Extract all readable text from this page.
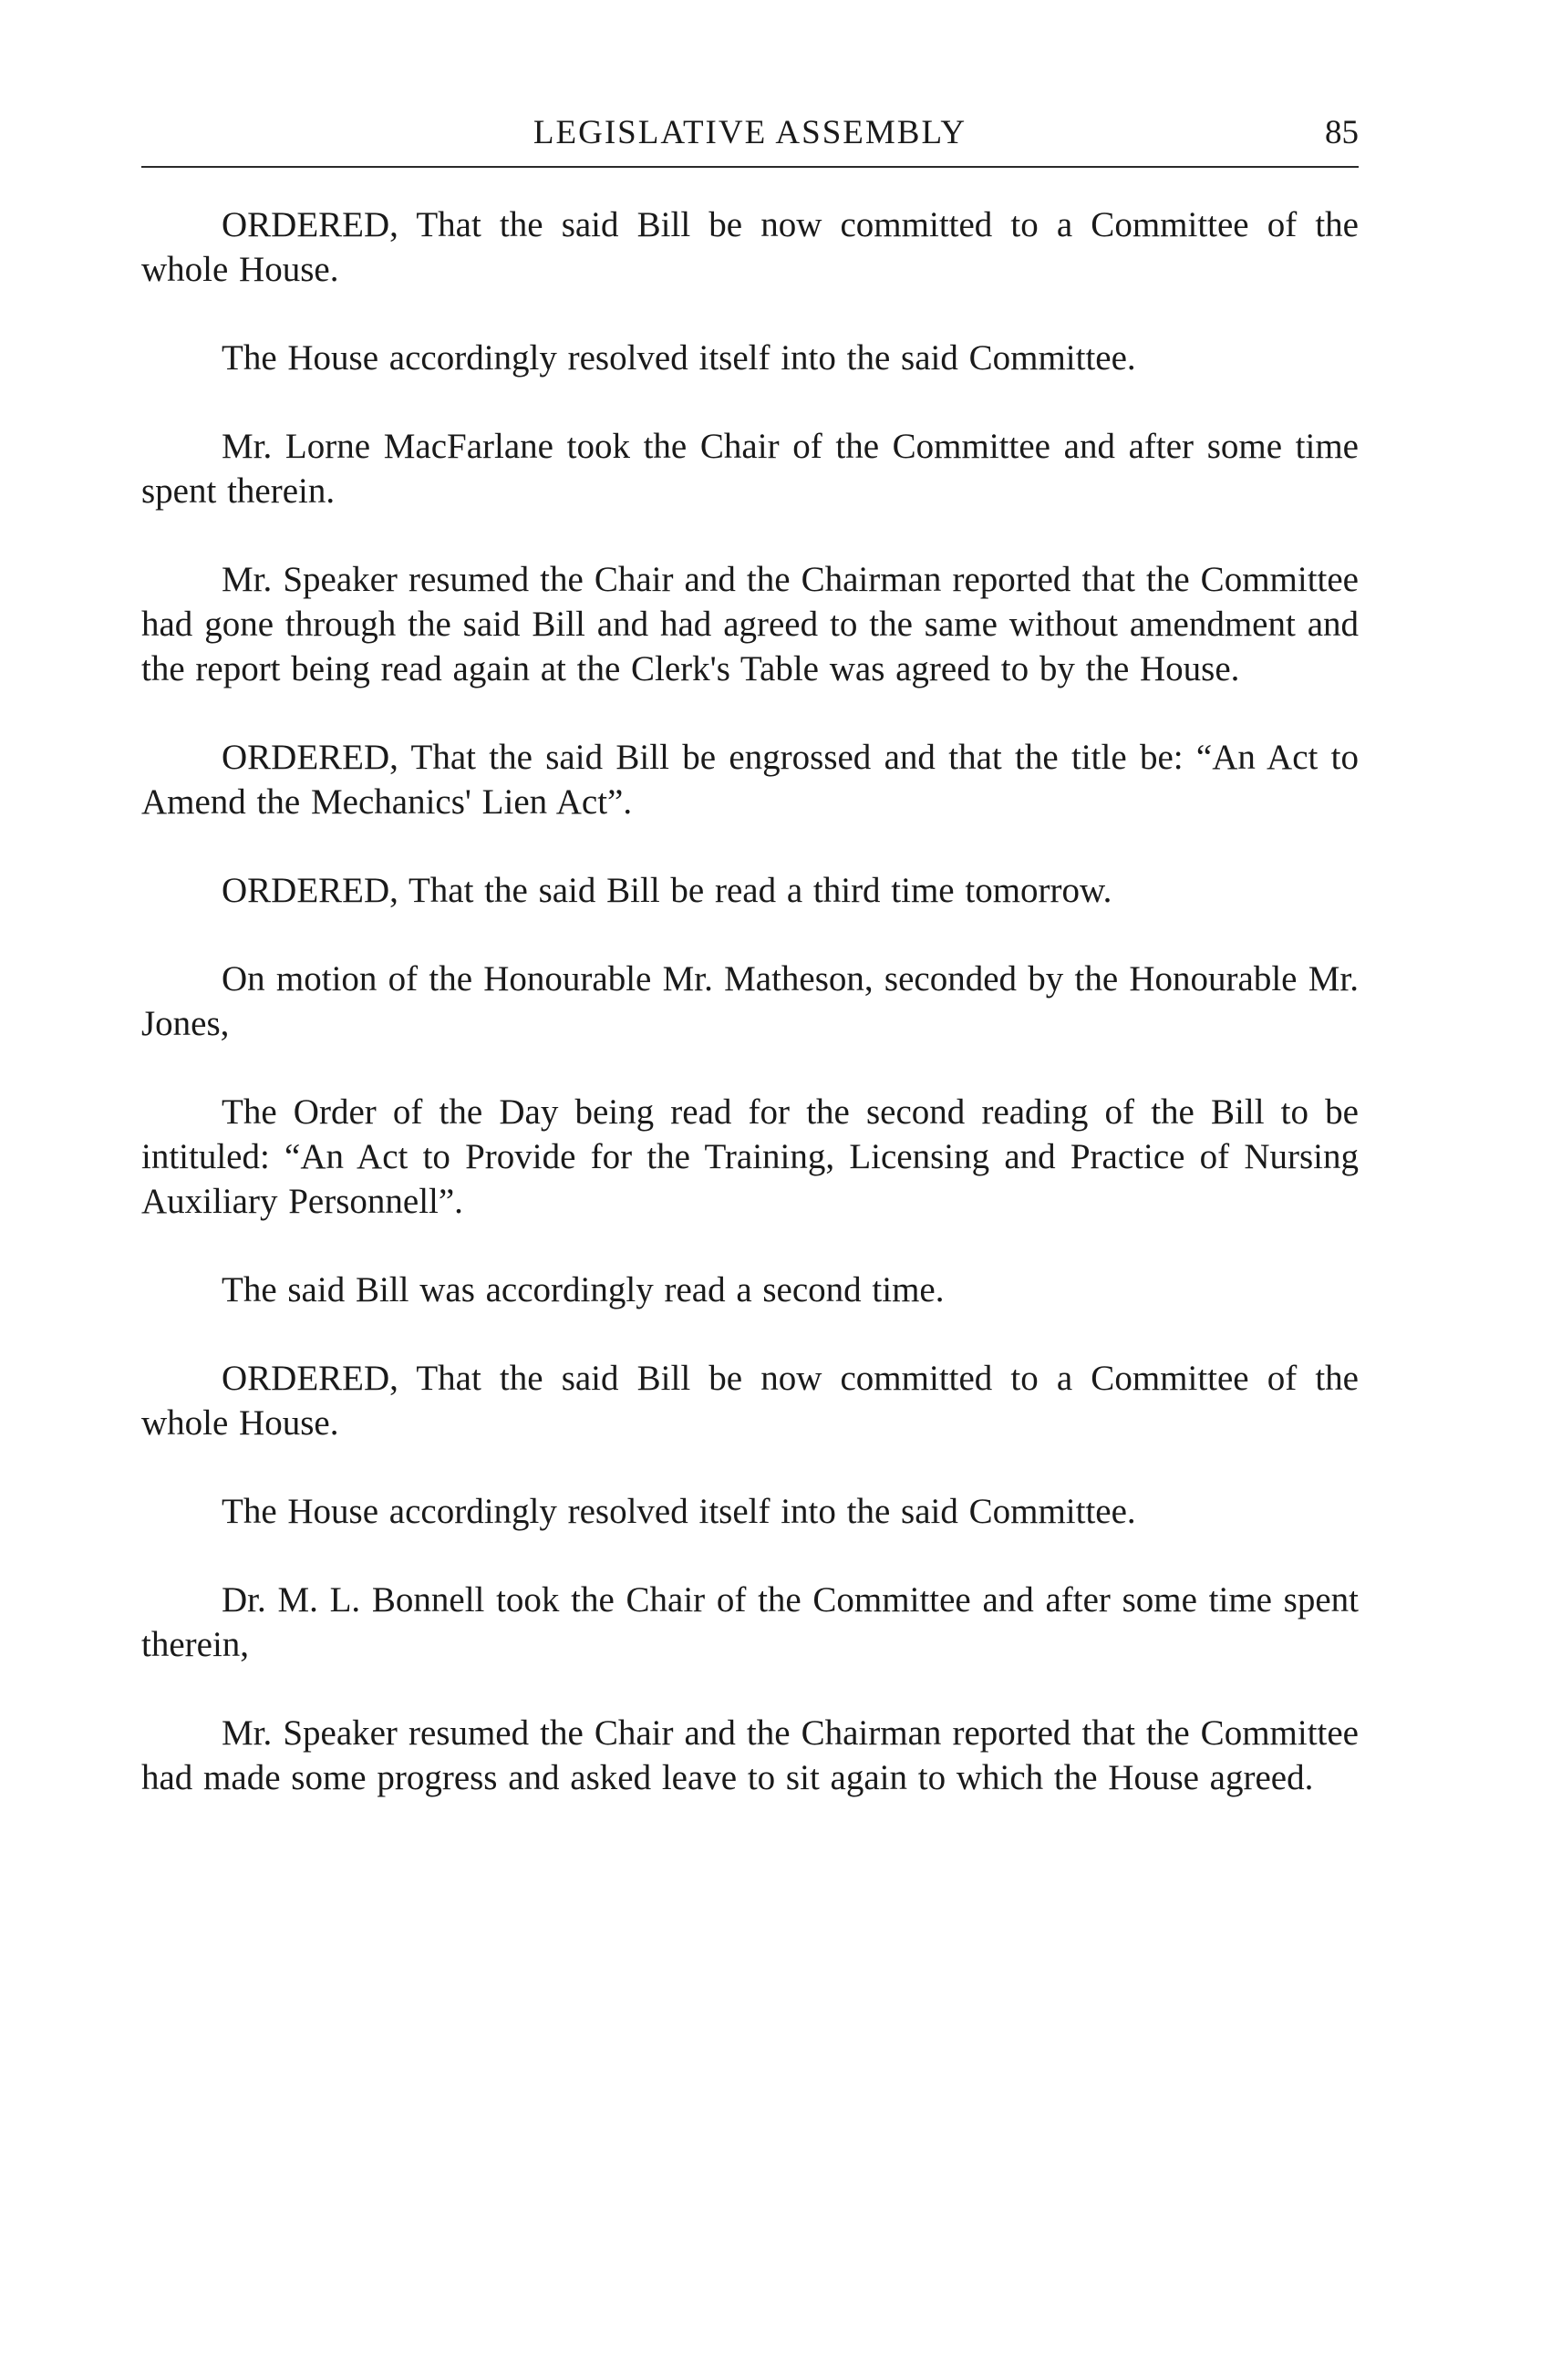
LEGISLATIVE ASSEMBLY	85

ORDERED, That the said Bill be now committed to a Committee of the whole House.

The House accordingly resolved itself into the said Committee.

Mr. Lorne MacFarlane took the Chair of the Committee and after some time spent therein.

Mr. Speaker resumed the Chair and the Chairman reported that the Committee had gone through the said Bill and had agreed to the same without amendment and the report being read again at the Clerk's Table was agreed to by the House.

ORDERED, That the said Bill be engrossed and that the title be: “An Act to Amend the Mechanics' Lien Act”.

ORDERED, That the said Bill be read a third time tomorrow.

On motion of the Honourable Mr. Matheson, seconded by the Honourable Mr. Jones,

The Order of the Day being read for the second reading of the Bill to be intituled: “An Act to Provide for the Training, Licensing and Practice of Nursing Auxiliary Personnell”.

The said Bill was accordingly read a second time.

ORDERED, That the said Bill be now committed to a Committee of the whole House.

The House accordingly resolved itself into the said Committee.

Dr. M. L. Bonnell took the Chair of the Committee and after some time spent therein,

Mr. Speaker resumed the Chair and the Chairman reported that the Committee had made some progress and asked leave to sit again to which the House agreed.
